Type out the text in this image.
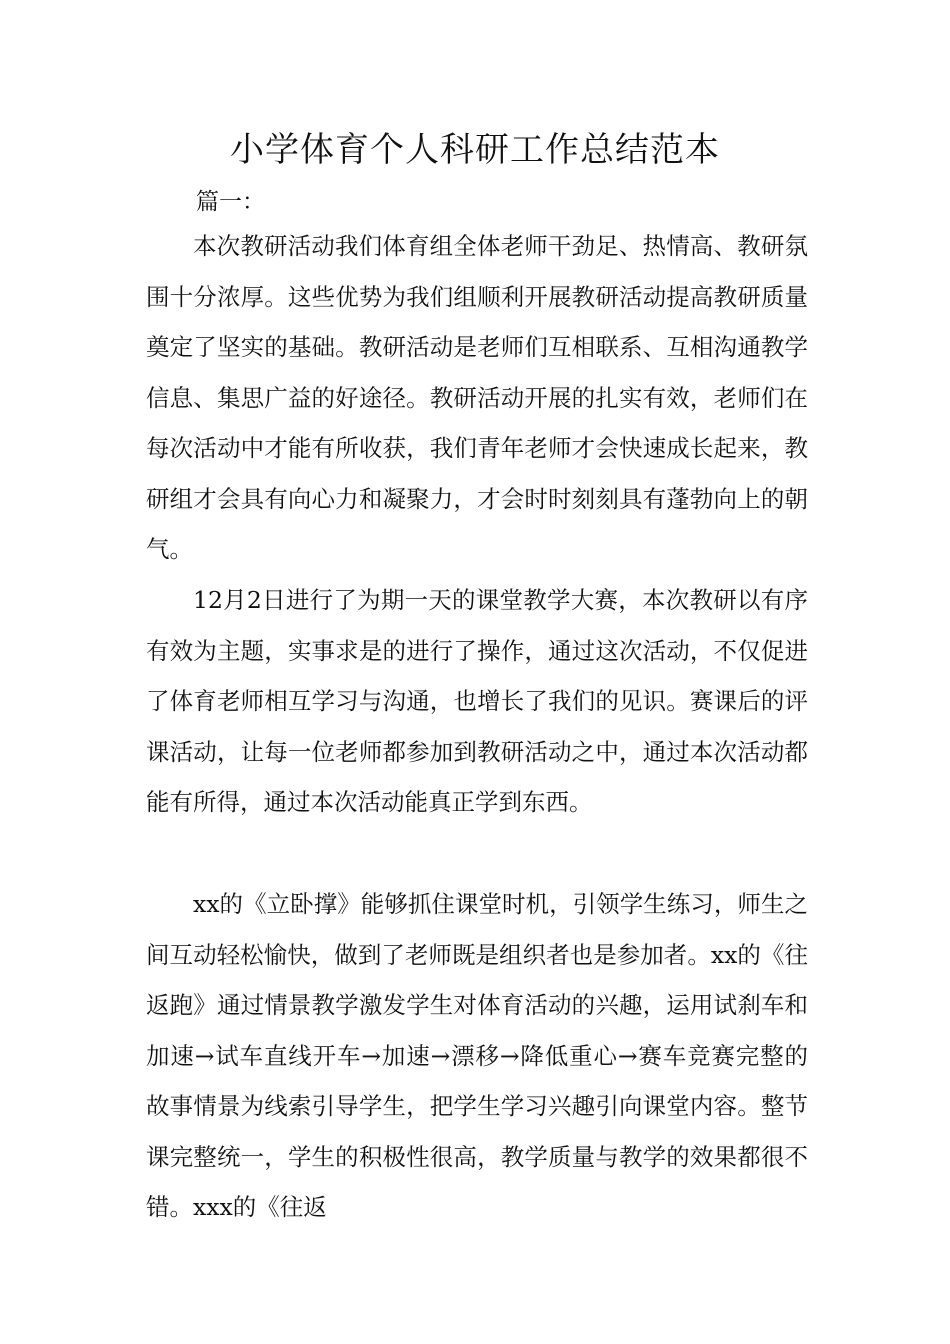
小学体育个人科研工作总结范本

篇一：

本次教研活动我们体育组全体老师干劲足、热情高、教研氛围十分浓厚。这些优势为我们组顺利开展教研活动提高教研质量奠定了坚实的基础。教研活动是老师们互相联系、互相沟通教学信息、集思广益的好途径。教研活动开展的扎实有效，老师们在每次活动中才能有所收获，我们青年老师才会快速成长起来，教研组才会具有向心力和凝聚力，才会时时刻刻具有蓬勃向上的朝气。

12月2日进行了为期一天的课堂教学大赛，本次教研以有序有效为主题，实事求是的进行了操作，通过这次活动，不仅促进了体育老师相互学习与沟通，也增长了我们的见识。赛课后的评课活动，让每一位老师都参加到教研活动之中，通过本次活动都能有所得，通过本次活动能真正学到东西。

xx的《立卧撑》能够抓住课堂时机，引领学生练习，师生之间互动轻松愉快，做到了老师既是组织者也是参加者。xx的《往返跑》通过情景教学激发学生对体育活动的兴趣，运用试刹车和加速→试车直线开车→加速→漂移→降低重心→赛车竞赛完整的故事情景为线索引导学生，把学生学习兴趣引向课堂内容。整节课完整统一，学生的积极性很高，教学质量与教学的效果都很不错。xxx的《往返
